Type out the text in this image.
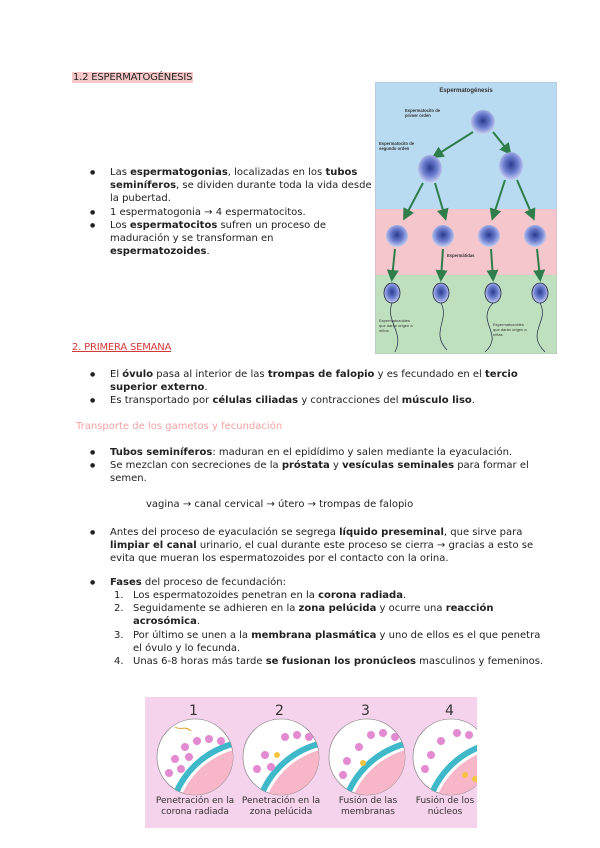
1.2 ESPERMATOGÉNESIS
● Las espermatogonias, localizadas en los tubos seminíferos, se dividen durante toda la vida desde la pubertad.
● 1 espermatogonia → 4 espermatocitos.
● Los espermatocitos sufren un proceso de maduración y se transforman en espermatozoides.
Espermatogénesis
Espermatocito de primer orden
Espermatocito de segundo orden
Espermátidas
Espermatozoides que darán origen a niños
Espermatozoides que darán origen a niñas
2. PRIMERA SEMANA
● El óvulo pasa al interior de las trompas de falopio y es fecundado en el tercio superior externo.
● Es transportado por células ciliadas y contracciones del músculo liso.
Transporte de los gametos y fecundación
● Tubos seminíferos: maduran en el epidídimo y salen mediante la eyaculación.
● Se mezclan con secreciones de la próstata y vesículas seminales para formar el semen.
vagina → canal cervical → útero → trompas de falopio
● Antes del proceso de eyaculación se segrega líquido preseminal, que sirve para limpiar el canal urinario, el cual durante este proceso se cierra → gracias a esto se evita que mueran los espermatozoides por el contacto con la orina.
● Fases del proceso de fecundación:
1. Los espermatozoides penetran en la corona radiada.
2. Seguidamente se adhieren en la zona pelúcida y ocurre una reacción acrosómica.
3. Por último se unen a la membrana plasmática y uno de ellos es el que penetra el óvulo y lo fecunda.
4. Unas 6-8 horas más tarde se fusionan los pronúcleos masculinos y femeninos.
1	2	3	4
Penetración en la corona radiada
Penetración en la zona pelúcida
Fusión de las membranas
Fusión de los núcleos
